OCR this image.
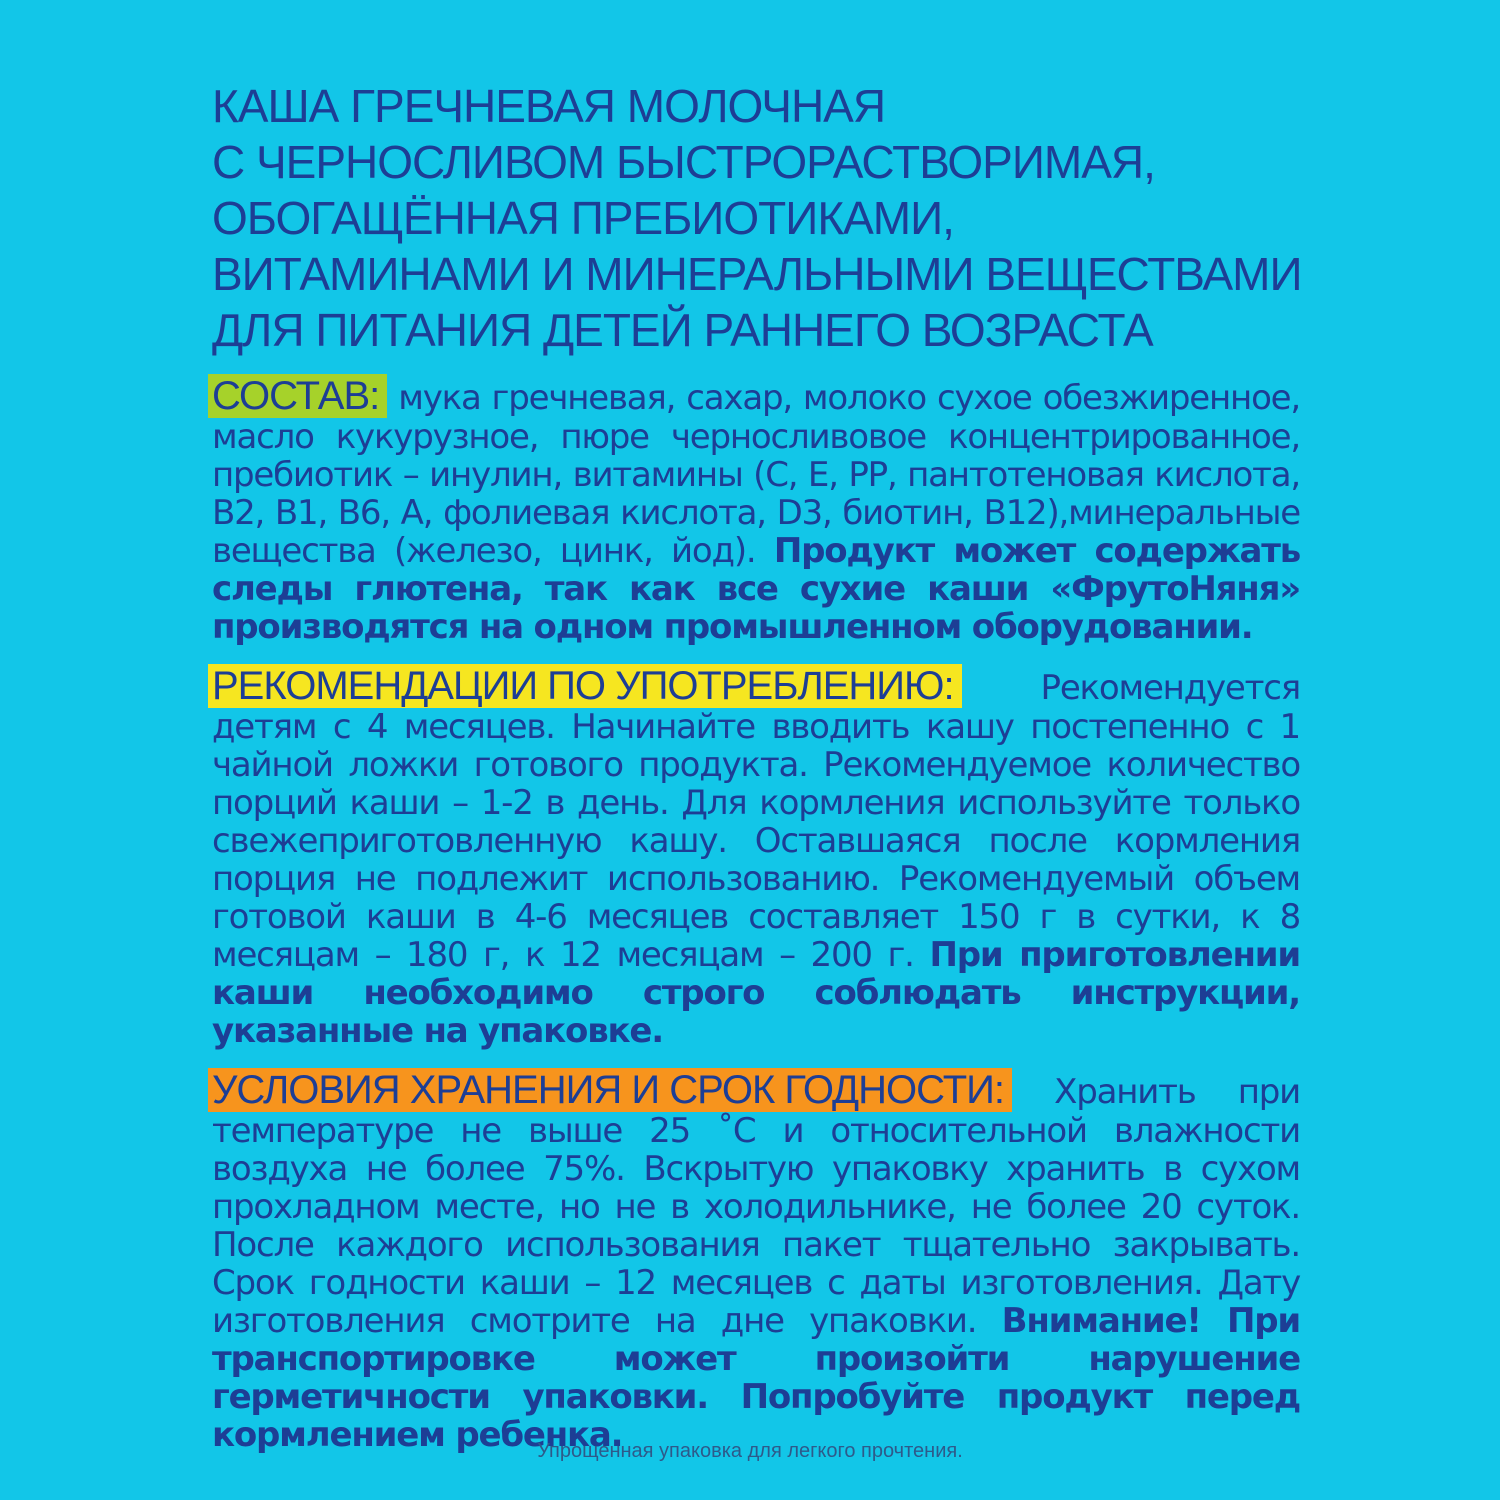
КАША ГРЕЧНЕВАЯ МОЛОЧНАЯ
С ЧЕРНОСЛИВОМ БЫСТРОРАСТВОРИМАЯ,
ОБОГАЩЁННАЯ ПРЕБИОТИКАМИ,
ВИТАМИНАМИ И МИНЕРАЛЬНЫМИ ВЕЩЕСТВАМИ
ДЛЯ ПИТАНИЯ ДЕТЕЙ РАННЕГО ВОЗРАСТА

СОСТАВ: мука гречневая, сахар, молоко сухое обезжиренное, масло кукурузное, пюре черносливовое концентрированное, пребиотик – инулин, витамины (С, Е, РР, пантотеновая кислота, В2, В1, В6, А, фолиевая кислота, D3, биотин, В12),минеральные вещества (железо, цинк, йод). Продукт может содержать следы глютена, так как все сухие каши «ФрутоНяня» производятся на одном промышленном оборудовании.

РЕКОМЕНДАЦИИ ПО УПОТРЕБЛЕНИЮ:	Рекомендуется детям с 4 месяцев. Начинайте вводить кашу постепенно с 1 чайной ложки готового продукта. Рекомендуемое количество порций каши – 1-2 в день. Для кормления используйте только свежеприготовленную кашу. Оставшаяся после кормления порция не подлежит использованию. Рекомендуемый объем готовой каши в 4-6 месяцев составляет 150 г в сутки, к 8 месяцам – 180 г, к 12 месяцам – 200 г. При приготовлении каши необходимо строго соблюдать инструкции, указанные на упаковке.

УСЛОВИЯ ХРАНЕНИЯ И СРОК ГОДНОСТИ: Хранить при температуре не выше 25 ˚С и относительной влажности воздуха не более 75%. Вскрытую упаковку хранить в сухом прохладном месте, но не в холодильнике, не более 20 суток. После каждого использования пакет тщательно закрывать. Срок годности каши – 12 месяцев с даты изготовления. Дату изготовления смотрите на дне упаковки. Внимание! При транспортировке может произойти нарушение герметичности упаковки. Попробуйте продукт перед кормлением ребенка.

Упрощенная упаковка для легкого прочтения.
